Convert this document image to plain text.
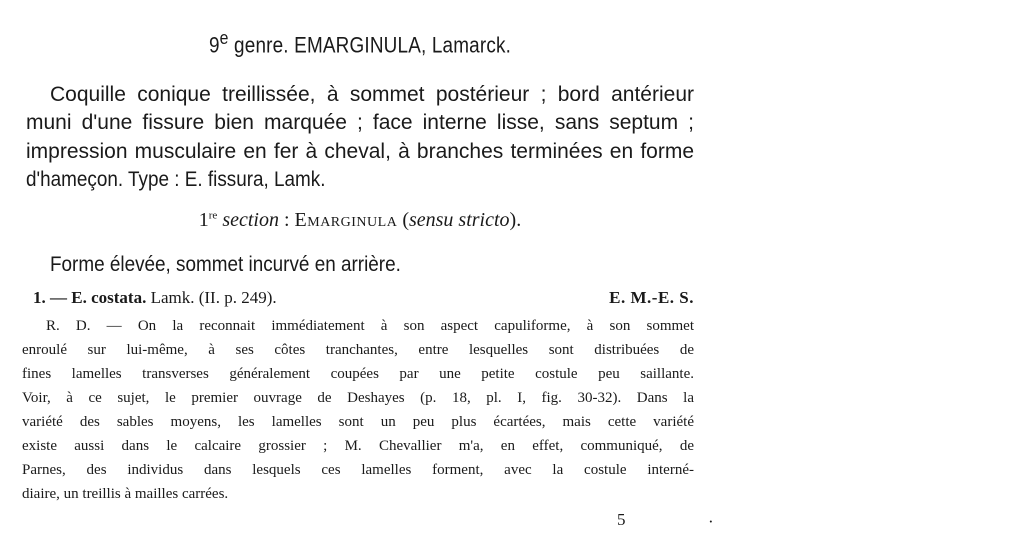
9e genre. EMARGINULA, Lamarck.
Coquille conique treillissée, à sommet postérieur ; bord antérieur
muni d'une fissure bien marquée ; face interne lisse, sans septum ;
impression musculaire en fer à cheval, à branches terminées en forme
d'hameçon. Type : E. fissura, Lamk.
1re section : Emarginula (sensu stricto).
Forme élevée, sommet incurvé en arrière.
1. — E. costata. Lamk. (II. p. 249).	E. M.-E. S.
R. D. — On la reconnait immédiatement à son aspect capuliforme, à son sommet
enroulé sur lui-même, à ses côtes tranchantes, entre lesquelles sont distribuées de
fines lamelles transverses généralement coupées par une petite costule peu saillante.
Voir, à ce sujet, le premier ouvrage de Deshayes (p. 18, pl. I, fig. 30-32). Dans la
variété des sables moyens, les lamelles sont un peu plus écartées, mais cette variété
existe aussi dans le calcaire grossier ; M. Chevallier m'a, en effet, communiqué, de
Parnes, des individus dans lesquels ces lamelles forment, avec la costule interné-
diaire, un treillis à mailles carrées.
5	·
